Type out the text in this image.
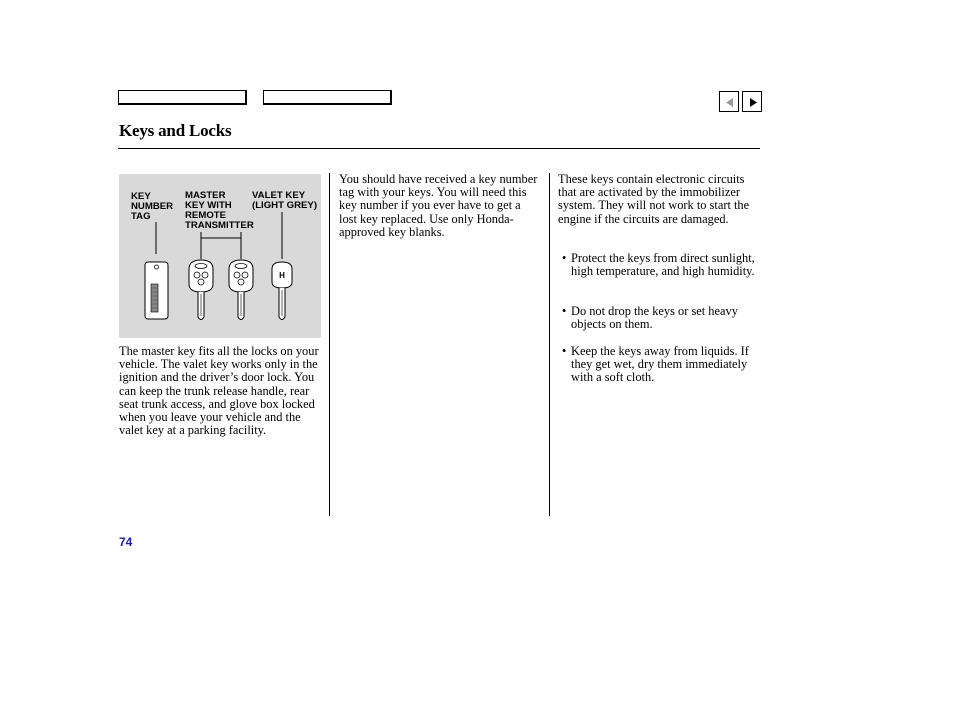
Keys and Locks
KEY NUMBER TAG
MASTER KEY WITH REMOTE TRANSMITTER
VALET KEY (LIGHT GREY)
H
The master key fits all the locks on your vehicle. The valet key works only in the ignition and the driver’s door lock. You can keep the trunk release handle, rear seat trunk access, and glove box locked when you leave your vehicle and the valet key at a parking facility.
You should have received a key number tag with your keys. You will need this key number if you ever have to get a lost key replaced. Use only Honda-approved key blanks.
These keys contain electronic circuits that are activated by the immobilizer system. They will not work to start the engine if the circuits are damaged.
• Protect the keys from direct sunlight, high temperature, and high humidity.
• Do not drop the keys or set heavy objects on them.
• Keep the keys away from liquids. If they get wet, dry them immediately with a soft cloth.
74
